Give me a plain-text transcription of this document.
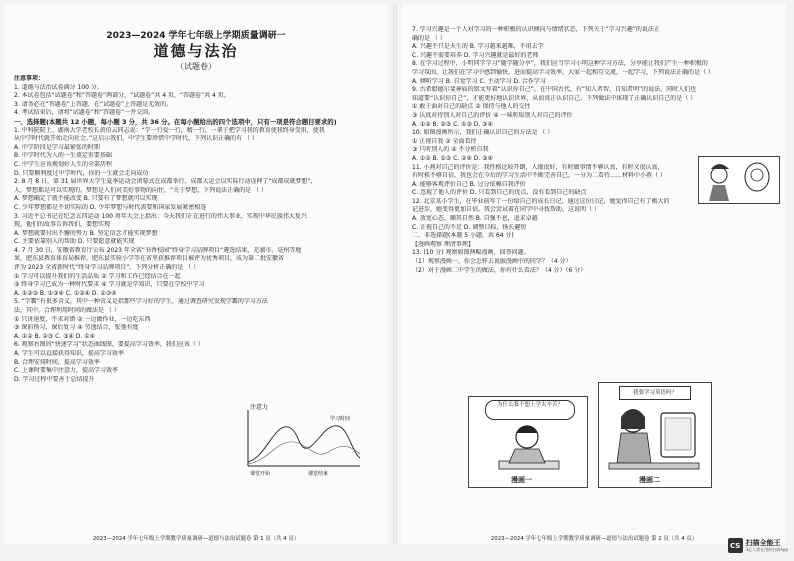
2023—2024 学年七年级上学期质量调研一
道德与法治
（试题卷）
注意事项：
1. 道德与法治试卷满分 100 分。
2. 本试卷包括“试题卷”和“答题卷”两部分，“试题卷”共 4 页，“答题卷”共 4 页。
3. 请务必在“答题卷”上答题，在“试题卷”上答题是无效的。
4. 考试结束后，请将“试题卷”和“答题卷”一并交回。
一、选择题(本题共 12 小题，每小题 3 分，共 36 分。在每小题给出的四个选项中，只有一项是符合题目要求的)
1. 中科院院士、湖南大学老校长黄伯云同志说：“学一行爱一行，精一行，一辈子把学习我的教育使我终身受用，使我
从中学时代就开始走向社会。”这启示我们，中学生要珍惜中学时代，下列认识正确的有 （ ）
A. 中学阶段是学习最紧张的时期
B. 中学时代为人的一生奠定重要基础
C. 中学生应该规划好人生的全部历程
D. 只要顺利度过中学时代，你的一生就会走向成功
2. 8 月 8 日，第 31 届世界大学生夏季运动会闭幕式在成都举行。成都大运会以实际行动诠释了“成都成就梦想”，
人，梦想都是可以实现的。梦想是人们对美好事物的向往，“关于梦想，下列说法正确的是 （ ）
A. 梦想确定了就不能改变 B. 只要有了梦想就可以实现
C. 少年梦想都是不切实际的 D. 少年梦想与时代需要和国家发展紧密相连
3. 习近平总书记在纪念五四运动 100 周年大会上指出：今天我们正在进行的伟大事业，实现中华民族伟大复兴
现，他们的故事告诉我们，要想实现
A. 梦想就要付出不懈的努力 B. 坚定信念才能实现梦想
C. 主要依靠别人的帮助 D. 只要愿意就能实现
4. 7 月 30 日，安徽省教育厅公布 2023 年全省“书香校园”终身学习品牌项目“遴选结果，芜湖市、亳州等地
果，肥东县教育体育局推荐，肥东县实验小学等在省里获推荐项目被评为优秀项目，成为第二批安徽省
评为 2023 全省新时代“终身学习品牌项目”。下列分析正确的是 （ ）
① 学习可以提升我们的生活品质 ② 学习和工作已经结合在一起
③ 终身学习已成为一种时代要求 ④ 学习就是学知识，只要在学校中学习
A. ①②③ B. ①③④ C. ①②④ D. ②③④
5. “学霸”有很多含义，其中一种含义是指那些学习好的学生，通过调查研究发现学霸的学习方法
法，其中，合理利用时间的做法是 （ ）
① 只讲速度，不求对错 ② 一边做作业，一边吃东西
③ 课前预习，课后复习 ④ 劳逸结合，张弛有度
A. ①② B. ②③ C. ③④ D. ①④
6. 观察右图的“快速学习”状态曲线图，要提高学习效率，我们应该（ ）
A. 学生可以直接获得知识，提高学习效率
B. 合理安排时间，提高学习效率
C. 上课时要集中注意力，提高学习效率
D. 学习过程中要善于总结提升
注意力
课堂开始	课堂结束
学习时间
2023—2024 学年七年级上学期教学质量调研—道德与法治试题卷 第 1 页（共 4 页）
7. 学习兴趣是一个人对学习的一种积极的认识倾向与情绪状态，下列关于“学习兴趣”的说法正
确的是 （ ）
A. 兴趣不只是天生的 B. 学习越来越难，不用去学
C. 兴趣不需要培养 D. 学习兴趣就是最好的老师
8. 在学习过程中，小明同学学习“随学随分享”，我们应当学习小明这种学习方法，分享能让我们产生一种积极的
学习氛围，让我们在学习中感到愉快，进而提高学习效率，大家一起相互交流，一起学习，下列说法正确的是（ ）
A. 倾听学习 B. 自觉学习 C. 主动学习 D. 合作学习
9. 古希腊德尔斐神庙的铭文写着“认识你自己”，在中国古代，有“知人者智，自知者明”的说法。同时人们也
知道要“认识你自己”，才能更好地认识世界，从而真正认识自己。下列做法中体现了正确认识自己的是（ ）
① 敢于面对自己的缺点 ② 保持与他人的交往
③ 认真对待别人对自己的评价 ④ 一味听取别人对自己的评价
A. ①② B. ②③ C. ①③ D. ③④
10. 如图漫画所示，我们正确认识自己的方法是 （ ）
① 正视自我 ② 全面看待
③ 只听别人的 ④ 不分析自我
A. ①② B. ①③ C. ②④ D. ③④
11. 小燕对自己的评价是：我性格比较开朗，人缘很好，有时做事情不够认真，有时又很认真，
有时候不够自信，我也会在今后的学习生活中不断完善自己，一分为二看待……材料中小燕（ ）
A. 能够客观评价自己 B. 过分依赖自我评价
C. 忽视了他人的评价 D. 只看到自己的优点，没有看到自己的缺点
12. 北京某小学生，在毕业前写了一份给自己的成长日记，通过这份日记，她觉得自己有了极大的
记进步，她变得更加自信，我会尝试着在同学中寻找帮助。这说明（ ）
A. 放宽心态，顺其自然 B. 自强不息，追求卓越
C. 正视自己的不足 D. 调整目标，扬长避短
二、非选择题(本题 5 小题，共 64 分)
【漫画观察 理清事理】
13. (10 分) 观察如图两幅漫画，回答问题。
（1）观察漫画一，你会怎样去说服漫画中的同学？（4 分）
（2）对于漫画二中学生的做法，你有什么看法？（4 分）（6 分）
为什么我不想上学太辛苦？
漫画一
我要学习英语吗？
漫画二
2023—2024 学年七年级上学期教学质量调研—道德与法治试题卷 第 2 页（共 4 页）
CS 扫描全能王
3亿人都在用的扫描App
